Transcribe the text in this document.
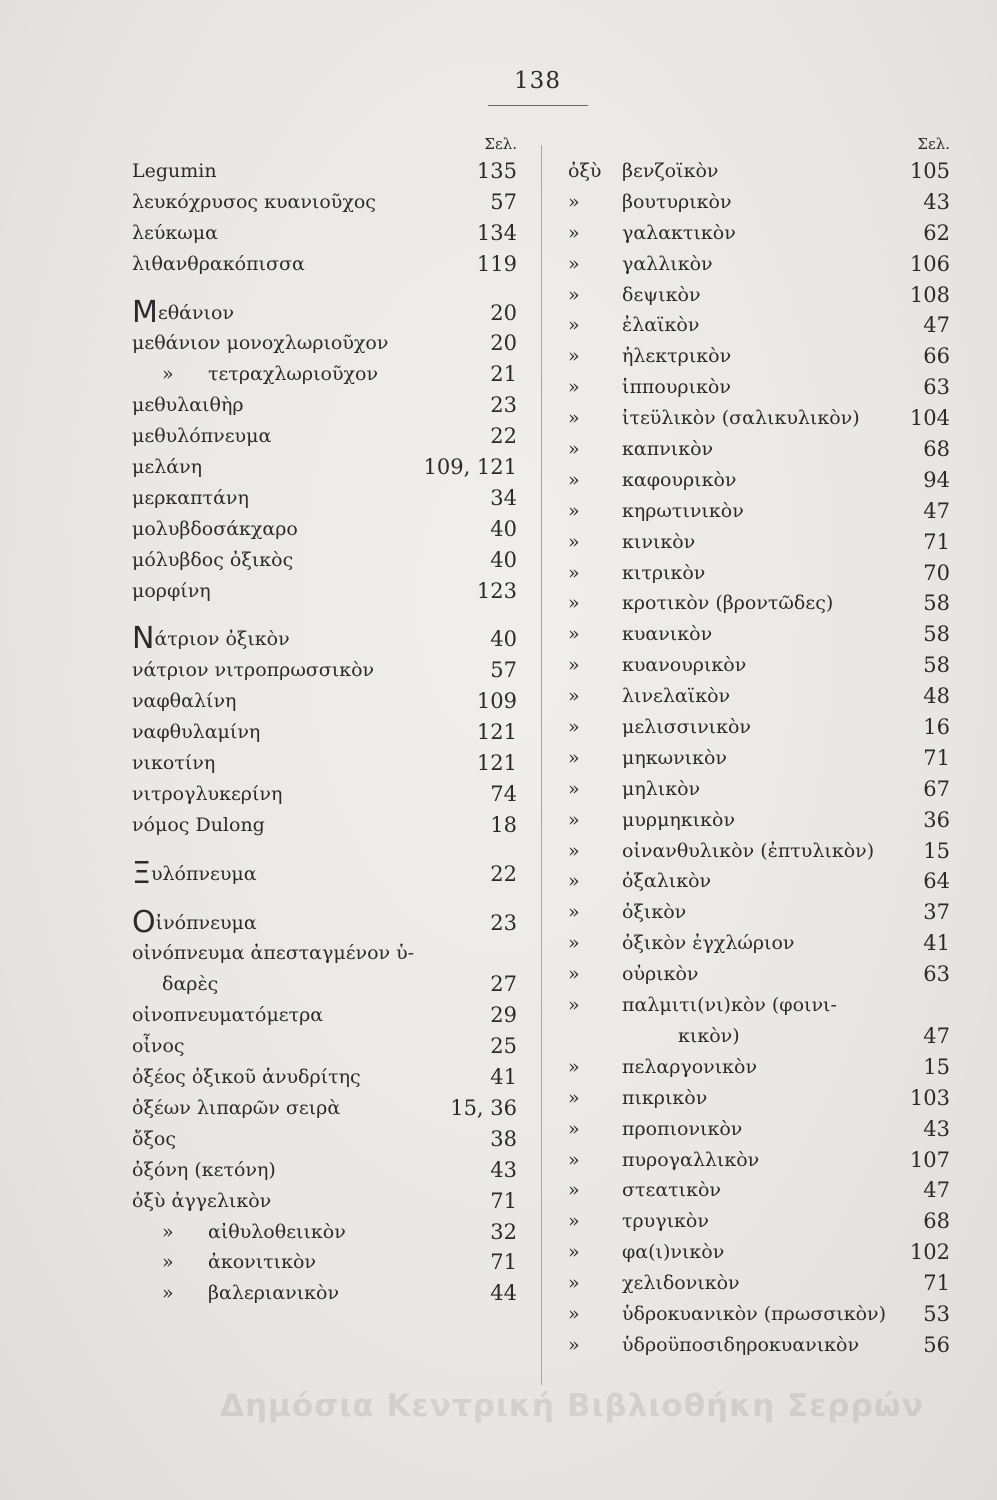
138
Σελ.
Legumin	135
λευκόχρυσος κυανιοῦχος	57
λεύκωμα	134
λιθανθρακόπισσα	119
Μεθάνιον	20
μεθάνιον μονοχλωριοῦχον	20
» τετραχλωριοῦχον	21
μεθυλαιθὴρ	23
μεθυλόπνευμα	22
μελάνη	109, 121
μερκαπτάνη	34
μολυβδοσάκχαρο	40
μόλυβδος ὀξικὸς	40
μορφίνη	123
Νάτριον ὀξικὸν	40
νάτριον νιτροπρωσσικὸν	57
ναφθαλίνη	109
ναφθυλαμίνη	121
νικοτίνη	121
νιτρογλυκερίνη	74
νόμος Dulong	18
Ξυλόπνευμα	22
Οἰνόπνευμα	23
οἰνόπνευμα ἀπεσταγμένον ὑ-
δαρὲς	27
οἰνοπνευματόμετρα	29
οἶνος	25
ὀξέος ὀξικοῦ ἀνυδρίτης	41
ὀξέων λιπαρῶν σειρὰ	15, 36
ὄξος	38
ὀξόνη (κετόνη)	43
ὀξὺ ἀγγελικὸν	71
» αἰθυλοθειικὸν	32
» ἀκονιτικὸν	71
» βαλεριανικὸν	44
Σελ.
ὀξὺ βενζοϊκὸν	105
» βουτυρικὸν	43
» γαλακτικὸν	62
» γαλλικὸν	106
» δεψικὸν	108
» ἐλαϊκὸν	47
» ἠλεκτρικὸν	66
» ἱππουρικὸν	63
» ἰτεϋλικὸν (σαλικυλικὸν) 104
» καπνικὸν	68
» καφουρικὸν	94
» κηρωτινικὸν	47
» κινικὸν	71
» κιτρικὸν	70
» κροτικὸν (βροντῶδες)	58
» κυανικὸν	58
» κυανουρικὸν	58
» λινελαϊκὸν	48
» μελισσινικὸν	16
» μηκωνικὸν	71
» μηλικὸν	67
» μυρμηκικὸν	36
» οἰνανθυλικὸν (ἐπτυλικὸν) 15
» ὀξαλικὸν	64
» ὀξικὸν	37
» ὀξικὸν ἐγχλώριον	41
» οὐρικὸν	63
» παλμιτι(νι)κὸν (φοινι-
κικὸν)	47
» πελαργονικὸν	15
» πικρικὸν	103
» προπιονικὸν	43
» πυρογαλλικὸν	107
» στεατικὸν	47
» τρυγικὸν	68
» φα(ι)νικὸν	102
» χελιδονικὸν	71
» ὑδροκυανικὸν (πρωσσικὸν) 53
» ὑδροϋποσιδηροκυανικὸν	56
Δημόσια Κεντρική Βιβλιοθήκη Σερρών
